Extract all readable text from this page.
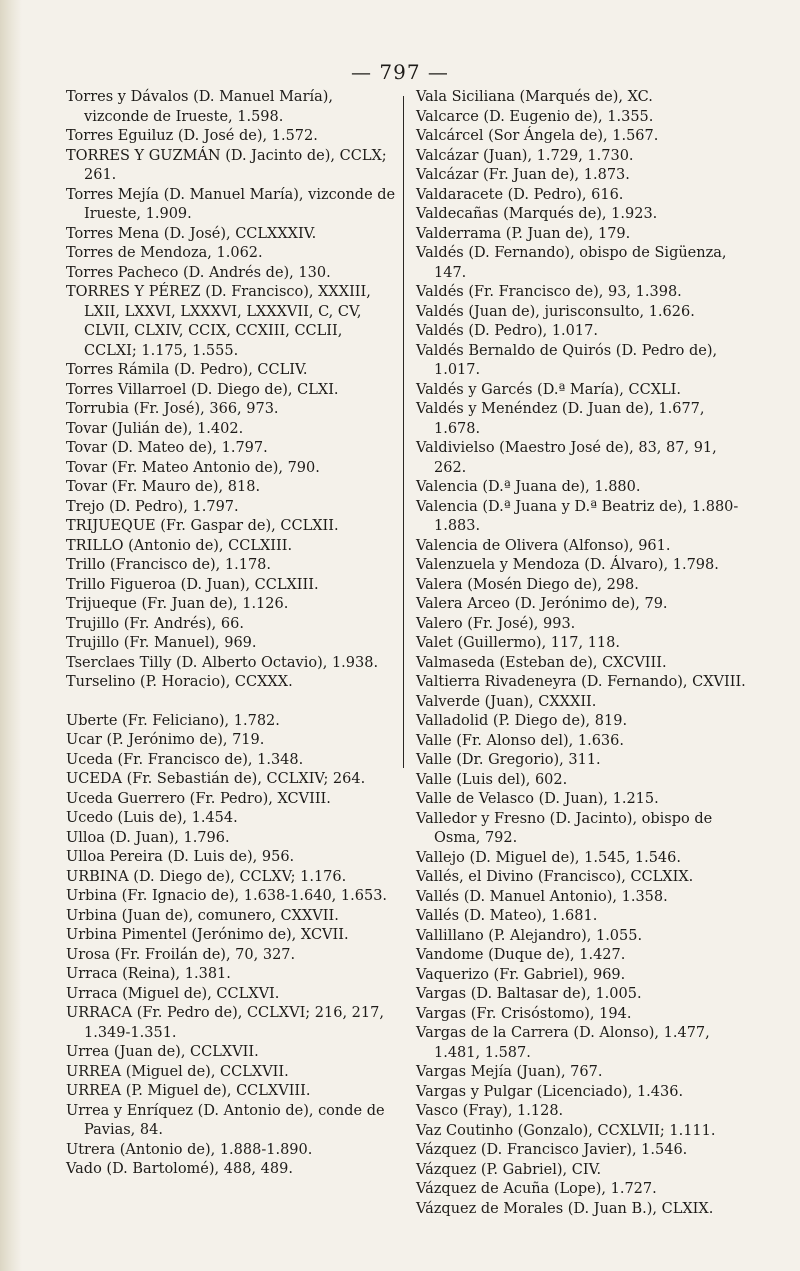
— 797 —

Torres y Dávalos (D. Manuel María), vizconde de Irueste, 1.598.

Torres Eguiluz (D. José de), 1.572.

TORRES Y GUZMÁN (D. Jacinto de), CCLX; 261.

Torres Mejía (D. Manuel María), vizconde de Irueste, 1.909.

Torres Mena (D. José), CCLXXXIV.

Torres de Mendoza, 1.062.

Torres Pacheco (D. Andrés de), 130.

TORRES Y PÉREZ (D. Francisco), XXXIII, LXII, LXXVI, LXXXVI, LXXXVII, C, CV, CLVII, CLXIV, CCIX, CCXIII, CCLII, CCLXI; 1.175, 1.555.

Torres Rámila (D. Pedro), CCLIV.

Torres Villarroel (D. Diego de), CLXI.

Torrubia (Fr. José), 366, 973.

Tovar (Julián de), 1.402.

Tovar (D. Mateo de), 1.797.

Tovar (Fr. Mateo Antonio de), 790.

Tovar (Fr. Mauro de), 818.

Trejo (D. Pedro), 1.797.

TRIJUEQUE (Fr. Gaspar de), CCLXII.

TRILLO (Antonio de), CCLXIII.

Trillo (Francisco de), 1.178.

Trillo Figueroa (D. Juan), CCLXIII.

Trijueque (Fr. Juan de), 1.126.

Trujillo (Fr. Andrés), 66.

Trujillo (Fr. Manuel), 969.

Tserclaes Tilly (D. Alberto Octavio), 1.938.

Turselino (P. Horacio), CCXXX.

Uberte (Fr. Feliciano), 1.782.

Ucar (P. Jerónimo de), 719.

Uceda (Fr. Francisco de), 1.348.

UCEDA (Fr. Sebastián de), CCLXIV; 264.

Uceda Guerrero (Fr. Pedro), XCVIII.

Ucedo (Luis de), 1.454.

Ulloa (D. Juan), 1.796.

Ulloa Pereira (D. Luis de), 956.

URBINA (D. Diego de), CCLXV; 1.176.

Urbina (Fr. Ignacio de), 1.638-1.640, 1.653.

Urbina (Juan de), comunero, CXXVII.

Urbina Pimentel (Jerónimo de), XCVII.

Urosa (Fr. Froilán de), 70, 327.

Urraca (Reina), 1.381.

Urraca (Miguel de), CCLXVI.

URRACA (Fr. Pedro de), CCLXVI; 216, 217, 1.349-1.351.

Urrea (Juan de), CCLXVII.

URREA (Miguel de), CCLXVII.

URREA (P. Miguel de), CCLXVIII.

Urrea y Enríquez (D. Antonio de), conde de Pavias, 84.

Utrera (Antonio de), 1.888-1.890.

Vado (D. Bartolomé), 488, 489.

Vala Siciliana (Marqués de), XC.

Valcarce (D. Eugenio de), 1.355.

Valcárcel (Sor Ángela de), 1.567.

Valcázar (Juan), 1.729, 1.730.

Valcázar (Fr. Juan de), 1.873.

Valdaracete (D. Pedro), 616.

Valdecañas (Marqués de), 1.923.

Valderrama (P. Juan de), 179.

Valdés (D. Fernando), obispo de Sigüenza, 147.

Valdés (Fr. Francisco de), 93, 1.398.

Valdés (Juan de), jurisconsulto, 1.626.

Valdés (D. Pedro), 1.017.

Valdés Bernaldo de Quirós (D. Pedro de), 1.017.

Valdés y Garcés (D.ª María), CCXLI.

Valdés y Menéndez (D. Juan de), 1.677, 1.678.

Valdivielso (Maestro José de), 83, 87, 91, 262.

Valencia (D.ª Juana de), 1.880.

Valencia (D.ª Juana y D.ª Beatriz de), 1.880-1.883.

Valencia de Olivera (Alfonso), 961.

Valenzuela y Mendoza (D. Álvaro), 1.798.

Valera (Mosén Diego de), 298.

Valera Arceo (D. Jerónimo de), 79.

Valero (Fr. José), 993.

Valet (Guillermo), 117, 118.

Valmaseda (Esteban de), CXCVIII.

Valtierra Rivadeneyra (D. Fernando), CXVIII.

Valverde (Juan), CXXXII.

Valladolid (P. Diego de), 819.

Valle (Fr. Alonso del), 1.636.

Valle (Dr. Gregorio), 311.

Valle (Luis del), 602.

Valle de Velasco (D. Juan), 1.215.

Valledor y Fresno (D. Jacinto), obispo de Osma, 792.

Vallejo (D. Miguel de), 1.545, 1.546.

Vallés, el Divino (Francisco), CCLXIX.

Vallés (D. Manuel Antonio), 1.358.

Vallés (D. Mateo), 1.681.

Vallillano (P. Alejandro), 1.055.

Vandome (Duque de), 1.427.

Vaquerizo (Fr. Gabriel), 969.

Vargas (D. Baltasar de), 1.005.

Vargas (Fr. Crisóstomo), 194.

Vargas de la Carrera (D. Alonso), 1.477, 1.481, 1.587.

Vargas Mejía (Juan), 767.

Vargas y Pulgar (Licenciado), 1.436.

Vasco (Fray), 1.128.

Vaz Coutinho (Gonzalo), CCXLVII; 1.111.

Vázquez (D. Francisco Javier), 1.546.

Vázquez (P. Gabriel), CIV.

Vázquez de Acuña (Lope), 1.727.

Vázquez de Morales (D. Juan B.), CLXIX.
